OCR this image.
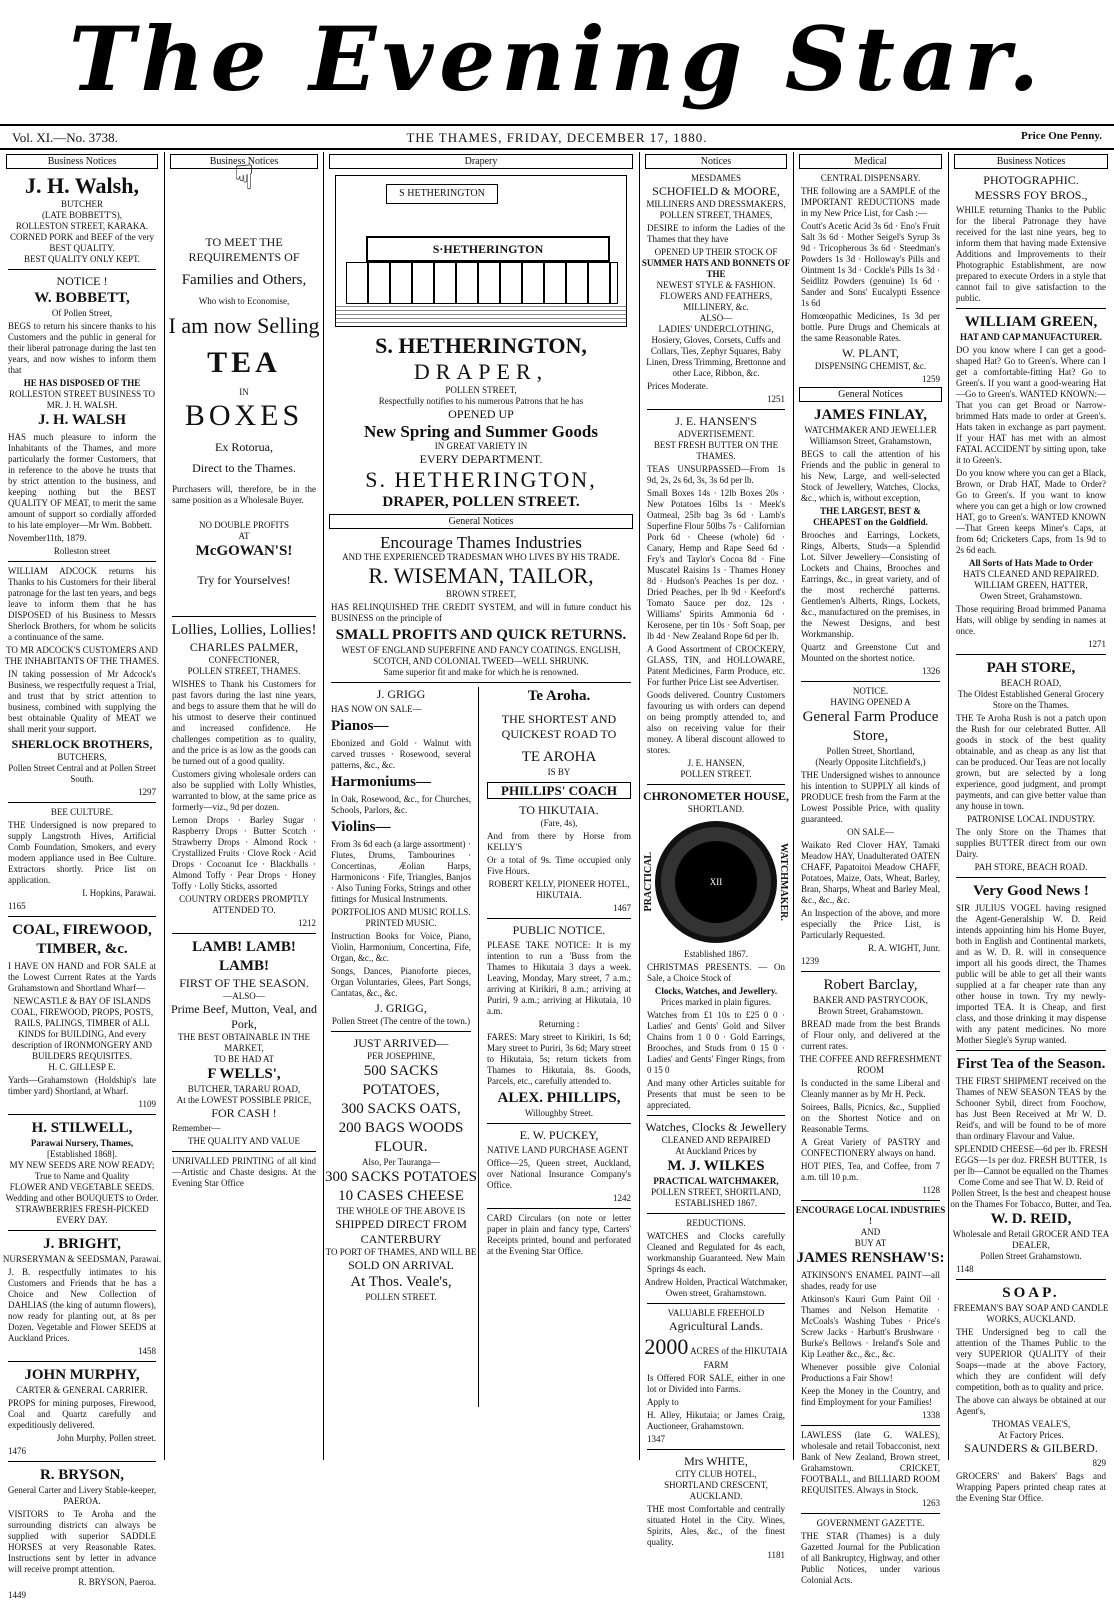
The Evening Star.
Vol. XI.—No. 3738.	THE THAMES, FRIDAY, DECEMBER 17, 1880.	Price One Penny.
Business Notices
J. H. Walsh,
BUTCHER
(LATE BOBBETT'S),
ROLLESTON STREET, KARAKA.
CORNED PORK and BEEF of the very BEST QUALITY.
BEST QUALITY ONLY KEPT.
NOTICE !
W. BOBBETT,
Of Pollen Street,
BEGS to return his sincere thanks to his Customers and the public in general for their liberal patronage during the last ten years, and now wishes to inform them that
HE HAS DISPOSED OF THE
ROLLESTON STREET BUSINESS TO MR. J. H. WALSH.
J. H. WALSH
HAS much pleasure to inform the Inhabitants of the Thames, and more particularly the former Customers, that in reference to the above he trusts that by strict attention to the business, and keeping nothing but the BEST QUALITY OF MEAT, to merit the same amount of support so cordially afforded to his late employer—Mr Wm. Bobbett.
November11th, 1879.
Rolleston street
WILLIAM ADCOCK returns his Thanks to his Customers for their liberal patronage for the last ten years, and begs leave to inform them that he has DISPOSED of his Business to Messrs Sherlock Brothers, for whom he solicits a continuance of the same.
TO MR ADCOCK'S CUSTOMERS AND THE INHABITANTS OF THE THAMES.
IN taking possession of Mr Adcock's Business, we respectfully request a Trial, and trust that by strict attention to business, combined with supplying the best obtainable Quality of MEAT we shall merit your support.
SHERLOCK BROTHERS,
BUTCHERS,
Pollen Street Central and at Pollen Street South.
1297
BEE CULTURE.
THE Undersigned is now prepared to supply Langstroth Hives, Artificial Comb Foundation, Smokers, and every modern appliance used in Bee Culture. Extractors shortly. Price list on application.
I. Hopkins, Parawai.
1165
COAL, FIREWOOD, TIMBER, &c.
I HAVE ON HAND and FOR SALE at the Lowest Current Rates at the Yards Grahamstown and Shortland Wharf—
NEWCASTLE & BAY OF ISLANDS COAL, FIREWOOD, PROPS, POSTS, RAILS, PALINGS, TIMBER of ALL KINDS for BUILDING, And every description of IRONMONGERY AND BUILDERS REQUISITES.
H. C. GILLESP E.
Yards—Grahamstown (Holdship's late timber yard) Shortland, at Wharf.
1109
H. STILWELL,
Parawai Nursery, Thames,
[Established 1868].
MY NEW SEEDS ARE NOW READY; True to Name and Quality
FLOWER AND VEGETABLE SEEDS. Wedding and other BOUQUETS to Order.
STRAWBERRIES FRESH-PICKED EVERY DAY.
J. BRIGHT,
NURSERYMAN & SEEDSMAN, Parawai.
J. B. respectfully intimates to his Customers and Friends that he has a Choice and New Collection of DAHLIAS (the king of autumn flowers), now ready for planting out, at 8s per Dozen. Vegetable and Flower SEEDS at Auckland Prices.
1458
JOHN MURPHY,
CARTER & GENERAL CARRIER.
PROPS for mining purposes, Firewood, Coal and Quartz carefully and expeditiously delivered.
John Murphy, Pollen street.
1476
R. BRYSON,
General Carter and Livery Stable-keeper, PAEROA.
VISITORS to Te Aroha and the surrounding districts can always be supplied with superior SADDLE HORSES at very Reasonable Rates. Instructions sent by letter in advance will receive prompt attention.
R. BRYSON, Paeroa.
1449
Business Notices
☟
TO MEET THE REQUIREMENTS OF
Families and Others,
Who wish to Economise,
I am now Selling
TEA
IN
BOXES
Ex Rotorua,
Direct to the Thames.
Purchasers will, therefore, be in the same position as a Wholesale Buyer.
NO DOUBLE PROFITS
AT
McGOWAN'S!
Try for Yourselves!
Lollies, Lollies, Lollies!
CHARLES PALMER,
CONFECTIONER,
POLLEN STREET, THAMES.
WISHES to Thank his Customers for past favors during the last nine years, and begs to assure them that he will do his utmost to deserve their continued and increased confidence. He challenges competition as to quality, and the price is as low as the goods can be turned out of a good quality.
Customers giving wholesale orders can also be supplied with Lolly Whistles, warranted to blow, at the same price as formerly—viz., 9d per dozen.
Lemon Drops · Barley Sugar · Raspberry Drops · Butter Scotch · Strawberry Drops · Almond Rock · Crystallized Fruits · Clove Rock · Acid Drops · Cocoanut Ice · Blackballs · Almond Toffy · Pear Drops · Honey Toffy · Lolly Sticks, assorted
COUNTRY ORDERS PROMPTLY ATTENDED TO.
1212
LAMB! LAMB! LAMB!
FIRST OF THE SEASON.
—ALSO—
Prime Beef, Mutton, Veal, and Pork,
THE BEST OBTAINABLE IN THE MARKET,
TO BE HAD AT
F WELLS',
BUTCHER, TARARU ROAD,
At the LOWEST POSSIBLE PRICE,
FOR CASH !
Remember—
THE QUALITY AND VALUE
UNRIVALLED PRINTING of all kind—Artistic and Chaste designs. At the Evening Star Office
Drapery
S HETHERINGTON
S·HETHERINGTON
S. HETHERINGTON,
DRAPER,
POLLEN STREET,
Respectfully notifies to his numerous Patrons that he has
OPENED UP
New Spring and Summer Goods
IN GREAT VARIETY IN
EVERY DEPARTMENT.
S. HETHERINGTON,
DRAPER, POLLEN STREET.
General Notices
Encourage Thames Industries
AND THE EXPERIENCED TRADESMAN WHO LIVES BY HIS TRADE.
R. WISEMAN, TAILOR,
BROWN STREET,
HAS RELINQUISHED THE CREDIT SYSTEM, and will in future conduct his BUSINESS on the principle of
SMALL PROFITS AND QUICK RETURNS.
WEST OF ENGLAND SUPERFINE AND FANCY COATINGS. ENGLISH, SCOTCH, AND COLONIAL TWEED—WELL SHRUNK.
Same superior fit and make for which he is renowned.
J. GRIGG
HAS NOW ON SALE—
Pianos—
Ebonized and Gold · Walnut with carved trusses · Rosewood, several patterns, &c., &c.
Harmoniums—
In Oak, Rosewood, &c., for Churches, Schools, Parlors, &c.
Violins—
From 3s 6d each (a large assortment) · Flutes, Drums, Tambourines · Concertinas, Æolian Harps, Harmonicons · Fife, Triangles, Banjos · Also Tuning Forks, Strings and other fittings for Musical Instruments.
PORTFOLIOS AND MUSIC ROLLS. PRINTED MUSIC.
Instruction Books for Voice, Piano, Violin, Harmonium, Concertina, Fife, Organ, &c., &c.
Songs, Dances, Pianoforte pieces, Organ Voluntaries, Glees, Part Songs, Cantatas, &c., &c.
J. GRIGG,
Pollen Street (The centre of the town.)
JUST ARRIVED—
PER JOSEPHINE,
500 SACKS POTATOES,
300 SACKS OATS,
200 BAGS WOODS FLOUR.
Also, Per Tauranga—
300 SACKS POTATOES
10 CASES CHEESE
THE WHOLE OF THE ABOVE IS
SHIPPED DIRECT FROM CANTERBURY
TO PORT OF THAMES, AND WILL BE
SOLD ON ARRIVAL
At Thos. Veale's,
POLLEN STREET.
Te Aroha.
THE SHORTEST AND QUICKEST ROAD TO
TE AROHA
IS BY
PHILLIPS' COACH
TO HIKUTAIA.
(Fare, 4s),
And from there by Horse from KELLY'S
Or a total of 9s. Time occupied only Five Hours.
ROBERT KELLY, PIONEER HOTEL, HIKUTAIA.
1467
PUBLIC NOTICE.
PLEASE TAKE NOTICE: It is my intention to run a 'Buss from the Thames to Hikutaia 3 days a week. Leaving, Monday, Mary street, 7 a.m.; arriving at Kirikiri, 8 a.m.; arriving at Puriri, 9 a.m.; arriving at Hikutaia, 10 a.m.
Returning :
FARES: Mary street to Kirikiri, 1s 6d; Mary street to Puriri, 3s 6d; Mary street to Hikutaia, 5s; return tickets from Thames to Hikutaia, 8s. Goods, Parcels, etc., carefully attended to.
ALEX. PHILLIPS,
Willoughby Street.
E. W. PUCKEY,
NATIVE LAND PURCHASE AGENT
Office—25, Queen street, Auckland, over National Insurance Company's Office.
1242
CARD Circulars (on note or letter paper in plain and fancy type, Carters' Receipts printed, bound and perforated at the Evening Star Office.
Notices
MESDAMES
SCHOFIELD & MOORE,
MILLINERS AND DRESSMAKERS,
POLLEN STREET, THAMES,
DESIRE to inform the Ladies of the Thames that they have
OPENED UP THEIR STOCK OF
SUMMER HATS AND BONNETS OF THE
NEWEST STYLE & FASHION.
FLOWERS AND FEATHERS, MILLINERY, &c.
ALSO—
LADIES' UNDERCLOTHING,
Hosiery, Gloves, Corsets, Cuffs and Collars, Ties, Zephyr Squares, Baby Linen, Dress Trimming, Brettonne and other Lace, Ribbon, &c.
Prices Moderate.
1251
J. E. HANSEN'S
ADVERTISEMENT.
BEST FRESH BUTTER ON THE THAMES.
TEAS UNSURPASSED—From 1s 9d, 2s, 2s 6d, 3s, 3s 6d per lb.
Small Boxes 14s · 12lb Boxes 20s · New Potatoes 16lbs 1s · Meek's Oatmeal, 25lb bag 3s 6d · Lamb's Superfine Flour 50lbs 7s · Californian Pork 6d · Cheese (whole) 6d · Canary, Hemp and Rape Seed 6d · Fry's and Taylor's Cocoa 8d · Fine Muscatel Raisins 1s · Thames Honey 8d · Hudson's Peaches 1s per doz. · Dried Peaches, per lb 9d · Keeford's Tomato Sauce per doz. 12s · Williams' Spirits Ammonia 6d · Kerosene, per tin 10s · Soft Soap, per lb 4d · New Zealand Rope 6d per lb.
A Good Assortment of CROCKERY, GLASS, TIN, and HOLLOWARE, Patent Medicines, Farm Produce, etc. For further Price List see Advertiser.
Goods delivered. Country Customers favouring us with orders can depend on being promptly attended to, and also on receiving value for their money. A liberal discount allowed to stores.
J. E. HANSEN,
POLLEN STREET.
CHRONOMETER HOUSE,
SHORTLAND.
PRACTICAL	XII	WATCHMAKER.
Established 1867.
CHRISTMAS PRESENTS. — On Sale, a Choice Stock of
Clocks, Watches, and Jewellery.
Prices marked in plain figures.
Watches from £1 10s to £25 0 0 · Ladies' and Gents' Gold and Silver Chains from 1 0 0 · Gold Earrings, Brooches, and Studs from 0 15 0 · Ladies' and Gents' Finger Rings, from 0 15 0
And many other Articles suitable for Presents that must be seen to be appreciated.
Watches, Clocks & Jewellery
CLEANED AND REPAIRED
At Auckland Prices by
M. J. WILKES
PRACTICAL WATCHMAKER,
POLLEN STREET, SHORTLAND,
ESTABLISHED 1867.
REDUCTIONS.
WATCHES and Clocks carefully Cleaned and Regulated for 4s each, workmanship Guaranteed. New Main Springs 4s each.
Andrew Holden, Practical Watchmaker, Owen street, Grahamstown.
VALUABLE FREEHOLD
Agricultural Lands.
2000 ACRES of the HIKUTAIA FARM
Is Offered FOR SALE, either in one lot or Divided into Farms.
Apply to
H. Alley, Hikutaia; or James Craig, Auctioneer, Grahamstown.
1347
Mrs WHITE,
CITY CLUB HOTEL,
SHORTLAND CRESCENT, AUCKLAND.
THE most Comfortable and centrally situated Hotel in the City. Wines, Spirits, Ales, &c., of the finest quality.
1181
Medical
CENTRAL DISPENSARY.
THE following are a SAMPLE of the IMPORTANT REDUCTIONS made in my New Price List, for Cash :—
Coutt's Acetic Acid 3s 6d · Eno's Fruit Salt 3s 6d · Mother Seigel's Syrup 3s 9d · Tricopherous 3s 6d · Steedman's Powders 1s 3d · Holloway's Pills and Ointment 1s 3d · Cockle's Pills 1s 3d · Seidlitz Powders (genuine) 1s 6d · Sander and Sons' Eucalypti Essence 1s 6d
Homœopathic Medicines, 1s 3d per bottle. Pure Drugs and Chemicals at the same Reasonable Rates.
W. PLANT,
DISPENSING CHEMIST, &c.
1259
General Notices
JAMES FINLAY,
WATCHMAKER AND JEWELLER
Williamson Street, Grahamstown,
BEGS to call the attention of his Friends and the public in general to his New, Large, and well-selected Stock of Jewellery, Watches, Clocks, &c., which is, without exception,
THE LARGEST, BEST & CHEAPEST on the Goldfield.
Brooches and Earrings, Lockets, Rings, Alberts, Studs—a Splendid Lot. Silver Jewellery—Consisting of Lockets and Chains, Brooches and Earrings, &c., in great variety, and of the most recherché patterns. Gentlemen's Alberts, Rings, Lockets, &c., manufactured on the premises, in the Newest Designs, and best Workmanship.
Quartz and Greenstone Cut and Mounted on the shortest notice.
1326
NOTICE.
HAVING OPENED A
General Farm Produce Store,
Pollen Street, Shortland,
(Nearly Opposite Litchfield's,)
THE Undersigned wishes to announce his intention to SUPPLY all kinds of PRODUCE fresh from the Farm at the Lowest Possible Price, with quality guaranteed.
ON SALE—
Waikato Red Clover HAY, Tamaki Meadow HAY, Unadulterated OATEN CHAFF, Papatoitoi Meadow CHAFF, Potatoes, Maize, Oats, Wheat, Barley, Bran, Sharps, Wheat and Barley Meal, &c., &c., &c.
An Inspection of the above, and more especially the Price List, is Particularly Requested.
R. A. WIGHT, Junr.
1239
Robert Barclay,
BAKER AND PASTRYCOOK,
Brown Street, Grahamstown.
BREAD made from the best Brands of Flour only, and delivered at the current rates.
THE COFFEE AND REFRESHMENT ROOM
Is conducted in the same Liberal and Cleanly manner as by Mr H. Peck.
Soirees, Balls, Picnics, &c., Supplied on the Shortest Notice and on Reasonable Terms.
A Great Variety of PASTRY and CONFECTIONERY always on hand.
HOT PIES, Tea, and Coffee, from 7 a.m. till 10 p.m.
1128
ENCOURAGE LOCAL INDUSTRIES !
AND
BUY AT
JAMES RENSHAW'S:
ATKINSON'S ENAMEL PAINT—all shades, ready for use
Atkinson's Kauri Gum Paint Oil · Thames and Nelson Hematite · McCoals's Washing Tubes · Price's Screw Jacks · Harbutt's Brushware · Burke's Bellows · Ireland's Sole and Kip Leather &c., &c., &c.
Whenever possible give Colonial Productions a Fair Show!
Keep the Money in the Country, and find Employment for your Families!
1338
LAWLESS (late G. WALES), wholesale and retail Tobacconist, next Bank of New Zealand, Brown street, Grahamstown. CRICKET, FOOTBALL, and BILLIARD ROOM REQUISITES. Always in Stock.
1263
GOVERNMENT GAZETTE.
THE STAR (Thames) is a duly Gazetted Journal for the Publication of all Bankruptcy, Highway, and other Public Notices, under various Colonial Acts.
Business Notices
PHOTOGRAPHIC.
MESSRS FOY BROS.,
WHILE returning Thanks to the Public for the liberal Patronage they have received for the last nine years, beg to inform them that having made Extensive Additions and Improvements to their Photographic Establishment, are now prepared to execute Orders in a style that cannot fail to give satisfaction to the public.
WILLIAM GREEN,
HAT AND CAP MANUFACTURER.
DO you know where I can get a good-shaped Hat? Go to Green's. Where can I get a comfortable-fitting Hat? Go to Green's. If you want a good-wearing Hat—Go to Green's. WANTED KNOWN:—That you can get Broad or Narrow-brimmed Hats made to order at Green's. Hats taken in exchange as part payment. If your HAT has met with an almost FATAL ACCIDENT by sitting upon, take it to Green's.
Do you know where you can get a Black, Brown, or Drab HAT, Made to Order? Go to Green's. If you want to know where you can get a high or low crowned HAT, go to Green's. WANTED KNOWN—That Green keeps Miner's Caps, at from 6d; Cricketers Caps, from 1s 9d to 2s 6d each.
All Sorts of Hats Made to Order
HATS CLEANED AND REPAIRED.
WILLIAM GREEN, HATTER,
Owen Street, Grahamstown.
Those requiring Broad brimmed Panama Hats, will oblige by sending in names at once.
1271
PAH STORE,
BEACH ROAD,
The Oldest Established General Grocery Store on the Thames.
THE Te Aroha Rush is not a patch upon the Rush for our celebrated Butter. All goods in stock of the best quality obtainable, and as cheap as any list that can be produced. Our Teas are not locally grown, but are selected by a long experience, good judgment, and prompt payments, and can give better value than any house in town.
PATRONISE LOCAL INDUSTRY.
The only Store on the Thames that supplies BUTTER direct from our own Dairy.
PAH STORE, BEACH ROAD.
Very Good News !
SIR JULIUS VOGEL having resigned the Agent-Generalship W. D. Reid intends appointing him his Home Buyer, both in English and Continental markets, and as W. D. R. will in consequence import all his goods direct, the Thames public will be able to get all their wants supplied at a far cheaper rate than any other house in town. Try my newly-imported TEA. It is Cheap, and first class, and those drinking it may dispense with any patent medicines. No more Mother Siegle's Syrup wanted.
First Tea of the Season.
THE FIRST SHIPMENT received on the Thames of NEW SEASON TEAS by the Schooner Sybil, direct from Foochow, has Just Been Received at Mr W. D. Reid's, and will be found to be of more than ordinary Flavour and Value.
SPLENDID CHEESE—6d per lb. FRESH EGGS—1s per doz. FRESH BUTTER, 1s per lb—Cannot be equalled on the Thames
Come Come and see That W. D. Reid of Pollen Street, Is the best and cheapest house on the Thames For Tobacco, Butter, and Tea.
W. D. REID,
Wholesale and Retail GROCER AND TEA DEALER,
Pollen Street Grahamstown.
1148
SOAP.
FREEMAN'S BAY SOAP AND CANDLE WORKS, AUCKLAND.
THE Undersigned beg to call the attention of the Thames Public to the very SUPERIOR QUALITY of their Soaps—made at the above Factory, which they are confident will defy competition, both as to quality and price.
The above can always be obtained at our Agent's,
THOMAS VEALE'S,
At Factory Prices.
SAUNDERS & GILBERD.
829
GROCERS' and Bakers' Bags and Wrapping Papers printed cheap rates at the Evening Star Office.
